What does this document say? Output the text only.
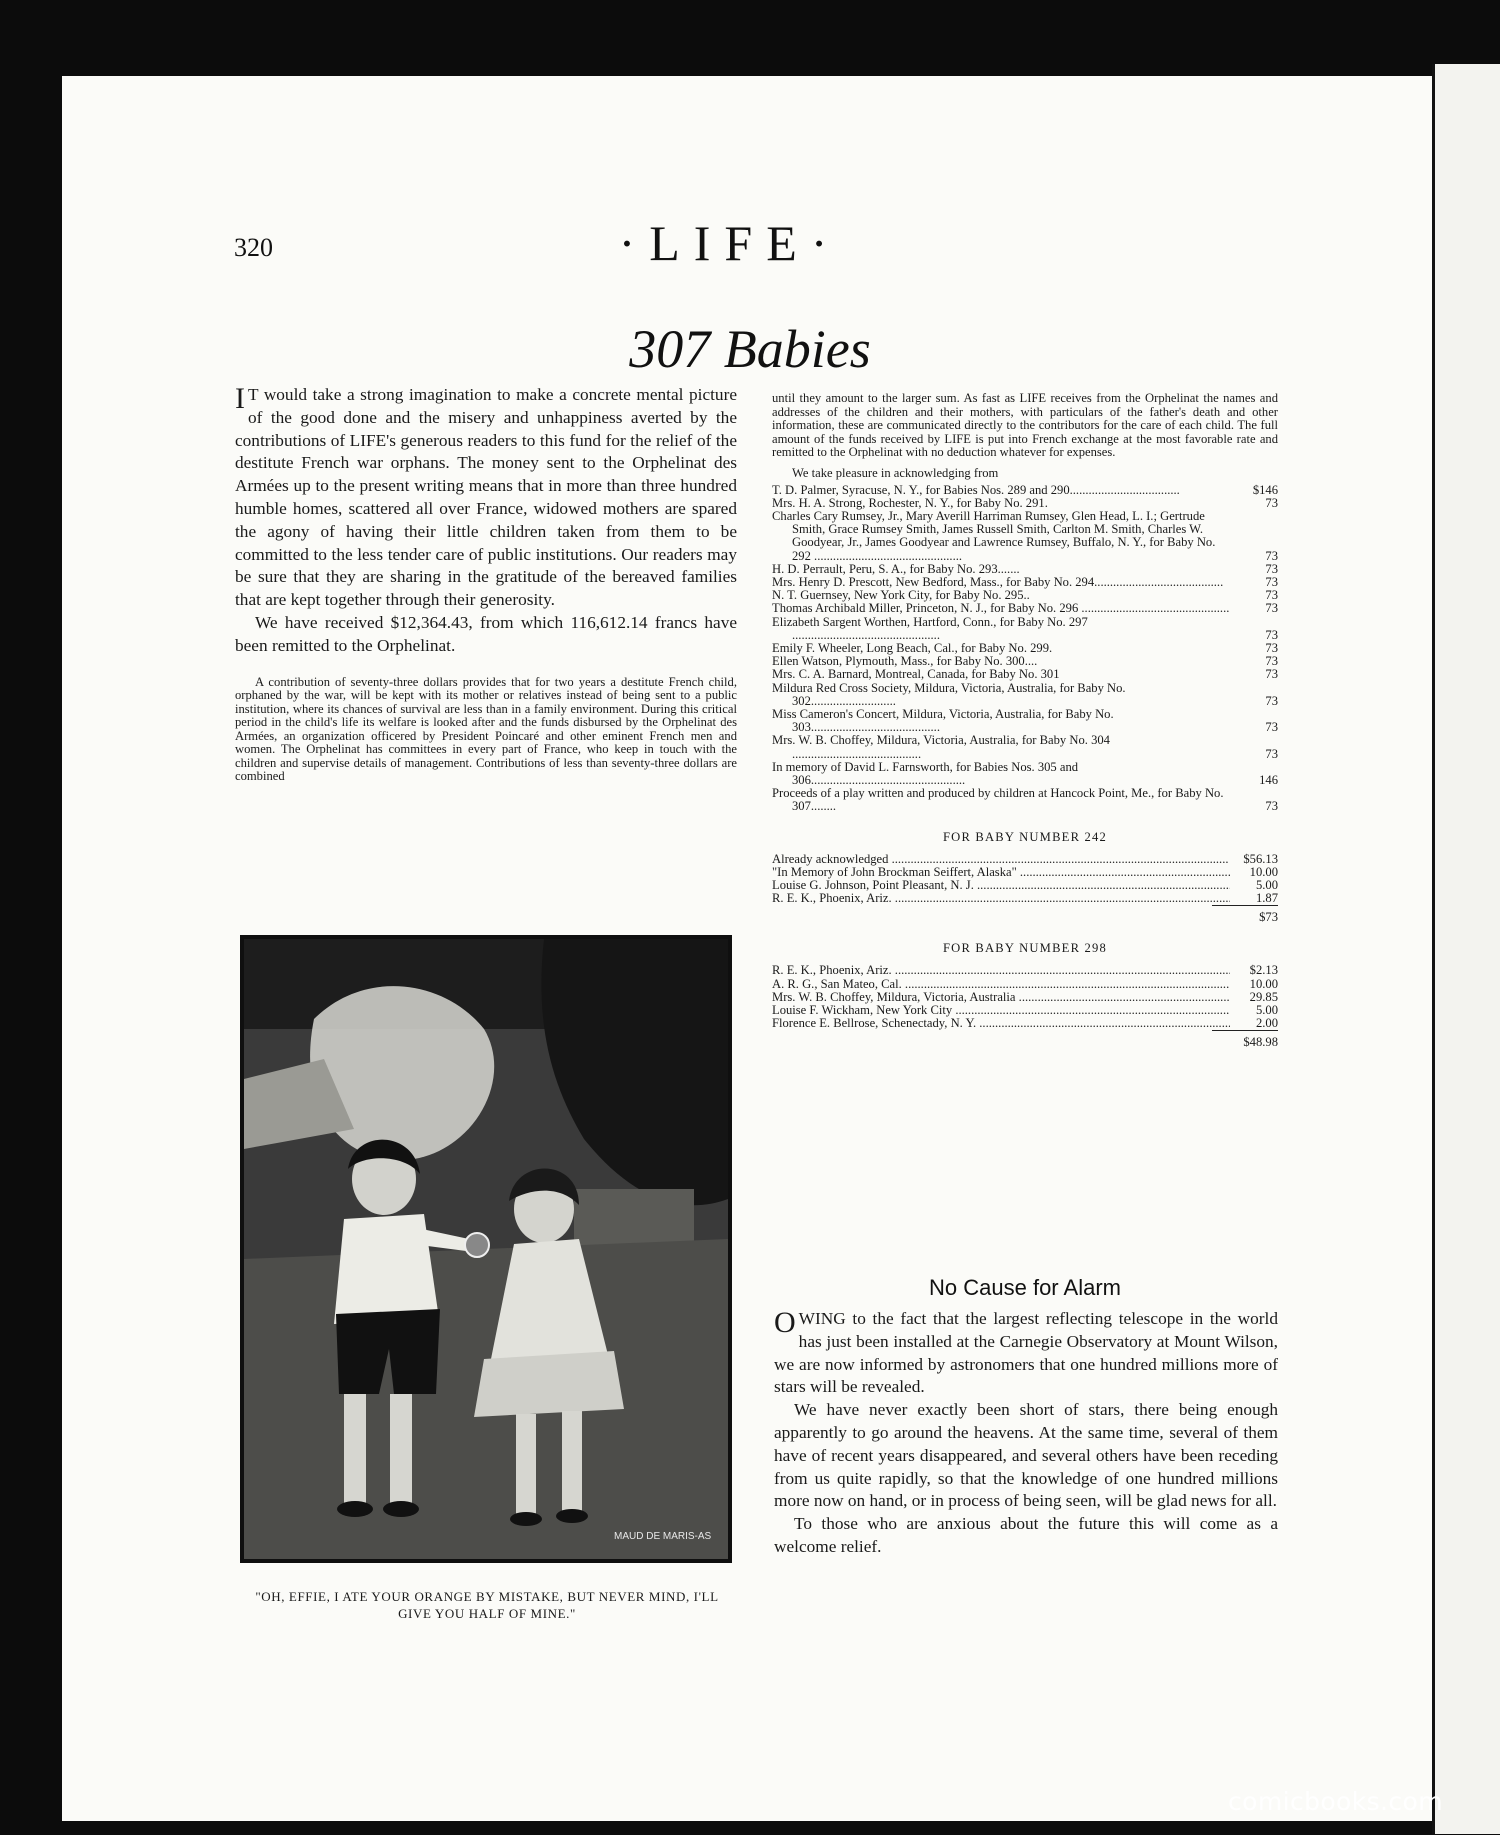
320	·LIFE·
307 Babies

I T would take a strong imagination to make a concrete mental picture of the good done and the misery and unhappiness averted by the contributions of LIFE's generous readers to this fund for the relief of the destitute French war orphans. The money sent to the Orphelinat des Armées up to the present writing means that in more than three hundred humble homes, scattered all over France, widowed mothers are spared the agony of having their little children taken from them to be committed to the less tender care of public institutions. Our readers may be sure that they are sharing in the gratitude of the bereaved families that are kept together through their generosity.

We have received $12,364.43, from which 116,612.14 francs have been remitted to the Orphelinat.

A contribution of seventy-three dollars provides that for two years a destitute French child, orphaned by the war, will be kept with its mother or relatives instead of being sent to a public institution, where its chances of survival are less than in a family environment. During this critical period in the child's life its welfare is looked after and the funds disbursed by the Orphelinat des Armées, an organization officered by President Poincaré and other eminent French men and women. The Orphelinat has committees in every part of France, who keep in touch with the children and supervise details of management. Contributions of less than seventy-three dollars are combined

MAUD DE MARIS-AS
"OH, EFFIE, I ATE YOUR ORANGE BY MISTAKE, BUT NEVER MIND, I'LL GIVE YOU HALF OF MINE."

until they amount to the larger sum. As fast as LIFE receives from the Orphelinat the names and addresses of the children and their mothers, with particulars of the father's death and other information, these are communicated directly to the contributors for the care of each child. The full amount of the funds received by LIFE is put into French exchange at the most favorable rate and remitted to the Orphelinat with no deduction whatever for expenses.

We take pleasure in acknowledging from

T. D. Palmer, Syracuse, N. Y., for Babies Nos. 289 and 290...................................	$146
Mrs. H. A. Strong, Rochester, N. Y., for Baby No. 291.	73
Charles Cary Rumsey, Jr., Mary Averill Harriman Rumsey, Glen Head, L. I.; Gertrude Smith, Grace Rumsey Smith, James Russell Smith, Carlton M. Smith, Charles W. Goodyear, Jr., James Goodyear and Lawrence Rumsey, Buffalo, N. Y., for Baby No. 292 ...............................................	73
H. D. Perrault, Peru, S. A., for Baby No. 293.......	73
Mrs. Henry D. Prescott, New Bedford, Mass., for Baby No. 294.........................................	73
N. T. Guernsey, New York City, for Baby No. 295..	73
Thomas Archibald Miller, Princeton, N. J., for Baby No. 296 ...............................................	73
Elizabeth Sargent Worthen, Hartford, Conn., for Baby No. 297 ...............................................	73
Emily F. Wheeler, Long Beach, Cal., for Baby No. 299.	73
Ellen Watson, Plymouth, Mass., for Baby No. 300....	73
Mrs. C. A. Barnard, Montreal, Canada, for Baby No. 301	73
Mildura Red Cross Society, Mildura, Victoria, Australia, for Baby No. 302...........................	73
Miss Cameron's Concert, Mildura, Victoria, Australia, for Baby No. 303.........................................	73
Mrs. W. B. Choffey, Mildura, Victoria, Australia, for Baby No. 304 .........................................	73
In memory of David L. Farnsworth, for Babies Nos. 305 and 306.................................................	146
Proceeds of a play written and produced by children at Hancock Point, Me., for Baby No. 307........	73
FOR BABY NUMBER 242
Already acknowledged .....	$56.13
"In Memory of John Brockman Seiffert, Alaska" .....	10.00
Louise G. Johnson, Point Pleasant, N. J. .....	5.00
R. E. K., Phoenix, Ariz. .....	1.87
$73
FOR BABY NUMBER 298
R. E. K., Phoenix, Ariz. .....	$2.13
A. R. G., San Mateo, Cal. .....	10.00
Mrs. W. B. Choffey, Mildura, Victoria, Australia .....	29.85
Louise F. Wickham, New York City .....	5.00
Florence E. Bellrose, Schenectady, N. Y. .....	2.00
$48.98
No Cause for Alarm

OWING to the fact that the largest reflecting telescope in the world has just been installed at the Carnegie Observatory at Mount Wilson, we are now informed by astronomers that one hundred millions more of stars will be revealed.

We have never exactly been short of stars, there being enough apparently to go around the heavens. At the same time, several of them have of recent years disappeared, and several others have been receding from us quite rapidly, so that the knowledge of one hundred millions more now on hand, or in process of being seen, will be glad news for all.

To those who are anxious about the future this will come as a welcome relief.

comicbooks.com
